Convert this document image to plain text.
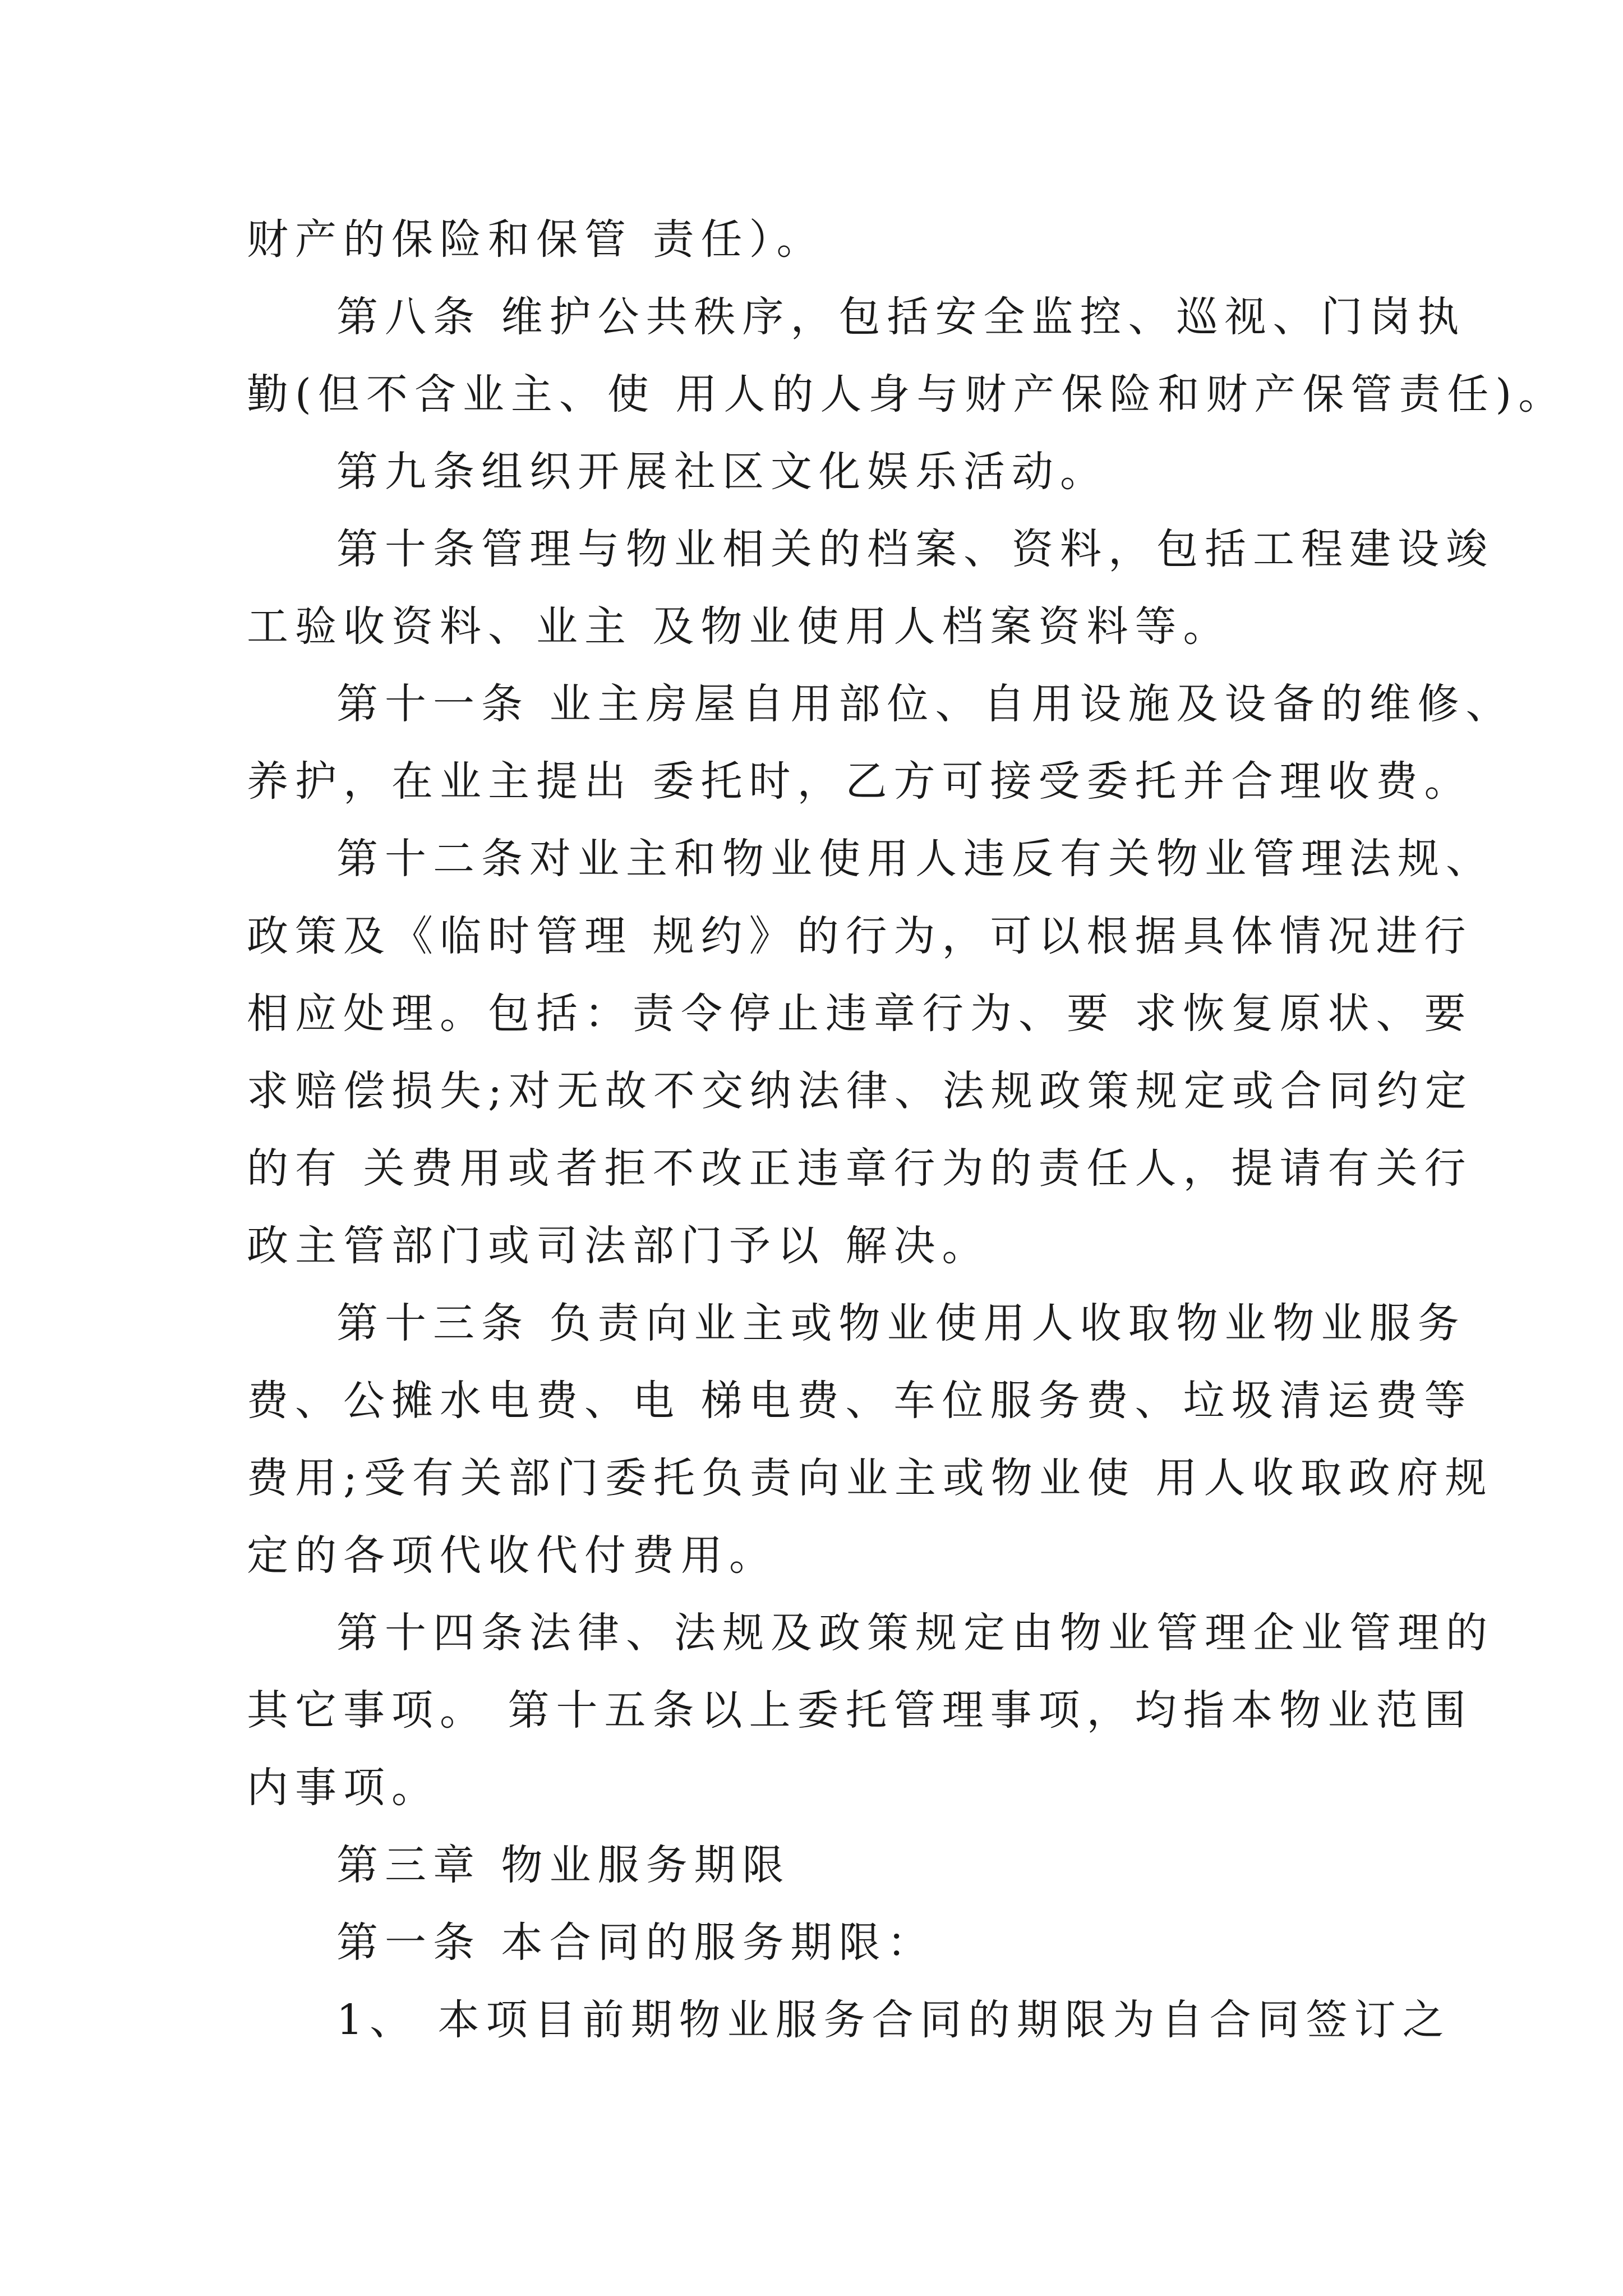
财产的保险和保管 责任）。
第八条 维护公共秩序，包括安全监控、巡视、门岗执
勤(但不含业主、使 用人的人身与财产保险和财产保管责任)。
第九条组织开展社区文化娱乐活动。
第十条管理与物业相关的档案、资料，包括工程建设竣
工验收资料、业主 及物业使用人档案资料等。
第十一条 业主房屋自用部位、自用设施及设备的维修、
养护，在业主提出 委托时，乙方可接受委托并合理收费。
第十二条对业主和物业使用人违反有关物业管理法规、
政策及《临时管理 规约》的行为，可以根据具体情况进行
相应处理。包括：责令停止违章行为、要 求恢复原状、要
求赔偿损失;对无故不交纳法律、法规政策规定或合同约定
的有 关费用或者拒不改正违章行为的责任人，提请有关行
政主管部门或司法部门予以 解决。
第十三条 负责向业主或物业使用人收取物业物业服务
费、公摊水电费、电 梯电费、车位服务费、垃圾清运费等
费用;受有关部门委托负责向业主或物业使 用人收取政府规
定的各项代收代付费用。
第十四条法律、法规及政策规定由物业管理企业管理的
其它事项。 第十五条以上委托管理事项，均指本物业范围
内事项。
第三章 物业服务期限
第一条 本合同的服务期限：
1、 本项目前期物业服务合同的期限为自合同签订之
